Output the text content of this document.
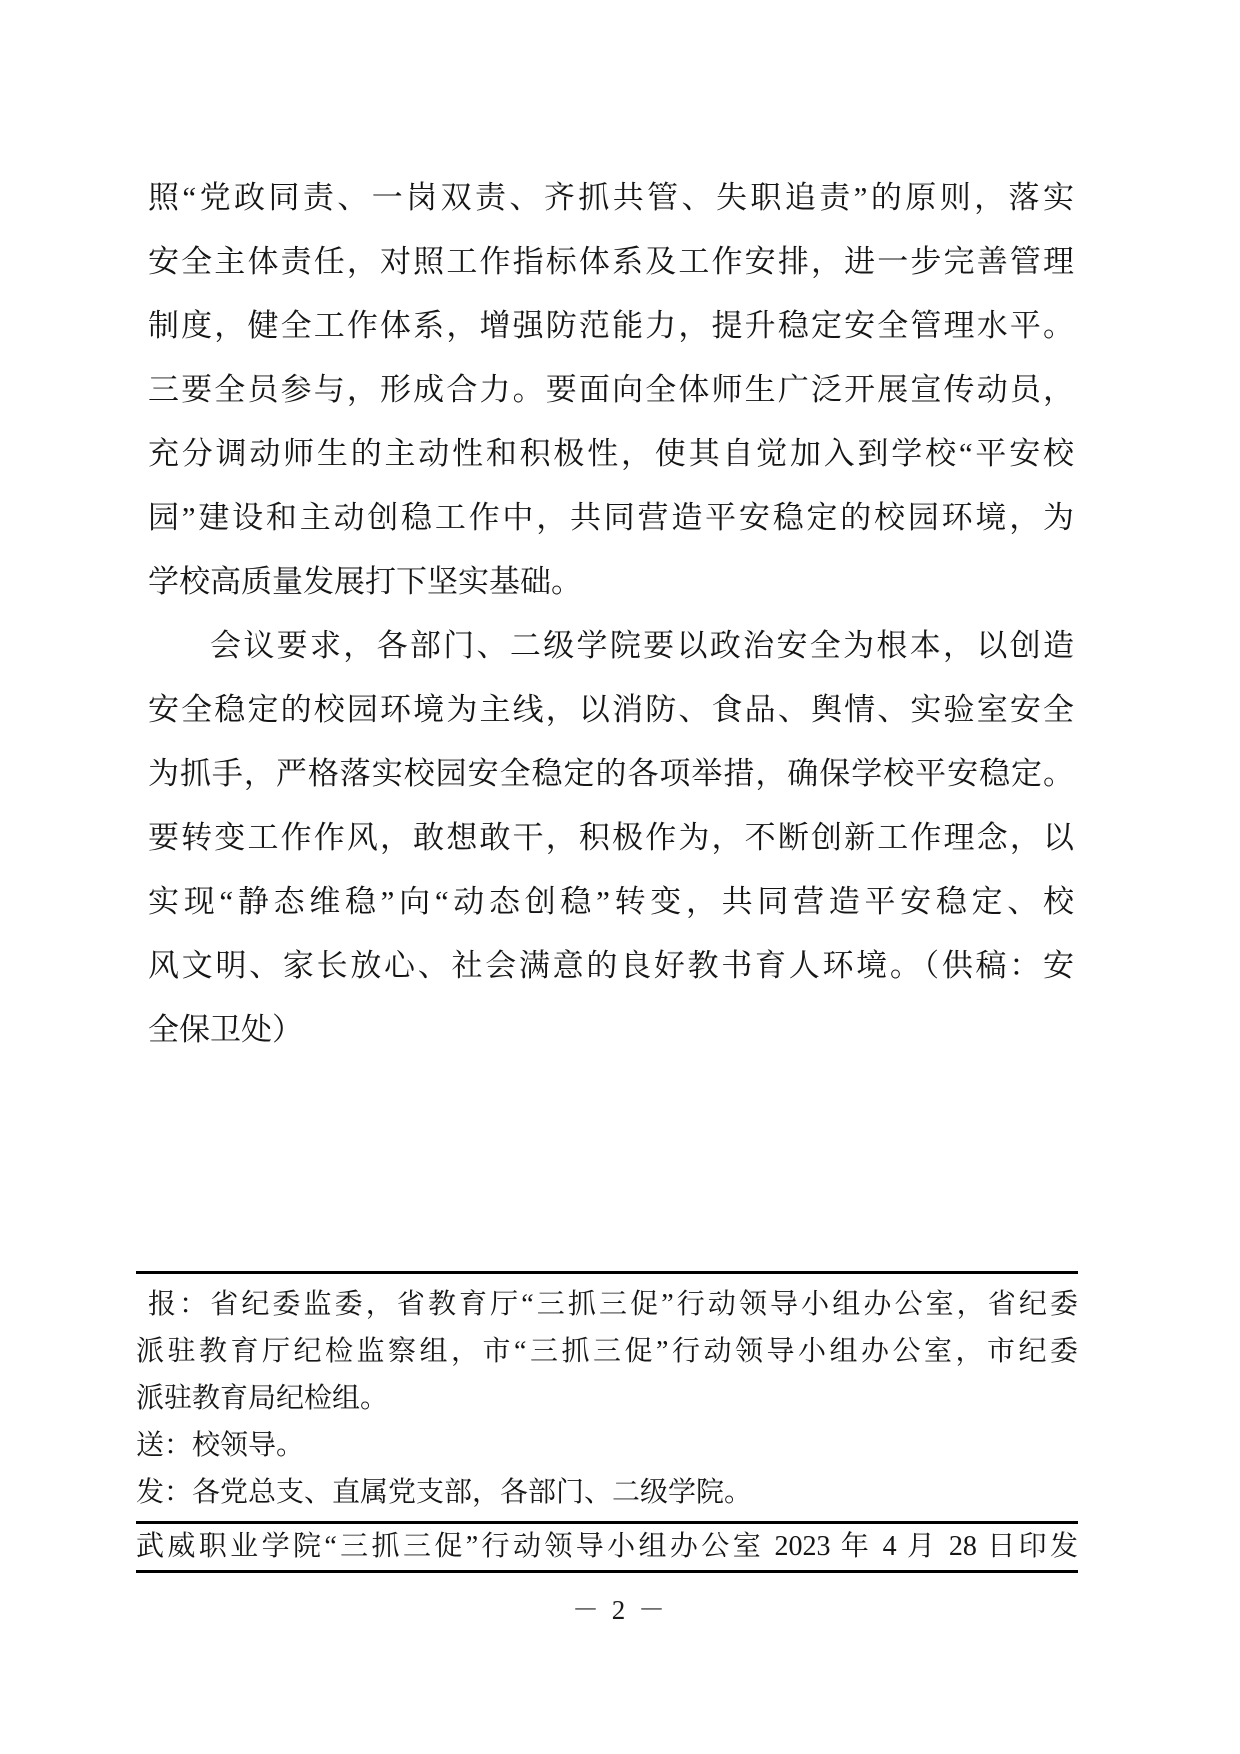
照“党政同责、一岗双责、齐抓共管、失职追责”的原则，落实
安全主体责任，对照工作指标体系及工作安排，进一步完善管理
制度，健全工作体系，增强防范能力，提升稳定安全管理水平。
三要全员参与，形成合力。要面向全体师生广泛开展宣传动员，
充分调动师生的主动性和积极性，使其自觉加入到学校“平安校
园”建设和主动创稳工作中，共同营造平安稳定的校园环境，为
学校高质量发展打下坚实基础。
会议要求，各部门、二级学院要以政治安全为根本，以创造
安全稳定的校园环境为主线，以消防、食品、舆情、实验室安全
为抓手，严格落实校园安全稳定的各项举措，确保学校平安稳定。
要转变工作作风，敢想敢干，积极作为，不断创新工作理念，以
实现“静态维稳”向“动态创稳”转变，共同营造平安稳定、校
风文明、家长放心、社会满意的良好教书育人环境。（供稿：安
全保卫处）
报：省纪委监委，省教育厅“三抓三促”行动领导小组办公室，省纪委
派驻教育厅纪检监察组，市“三抓三促”行动领导小组办公室，市纪委
派驻教育局纪检组。
送：校领导。
发：各党总支、直属党支部，各部门、二级学院。
武威职业学院“三抓三促”行动领导小组办公室 2023 年 4 月 28 日印发
－ 2 －
